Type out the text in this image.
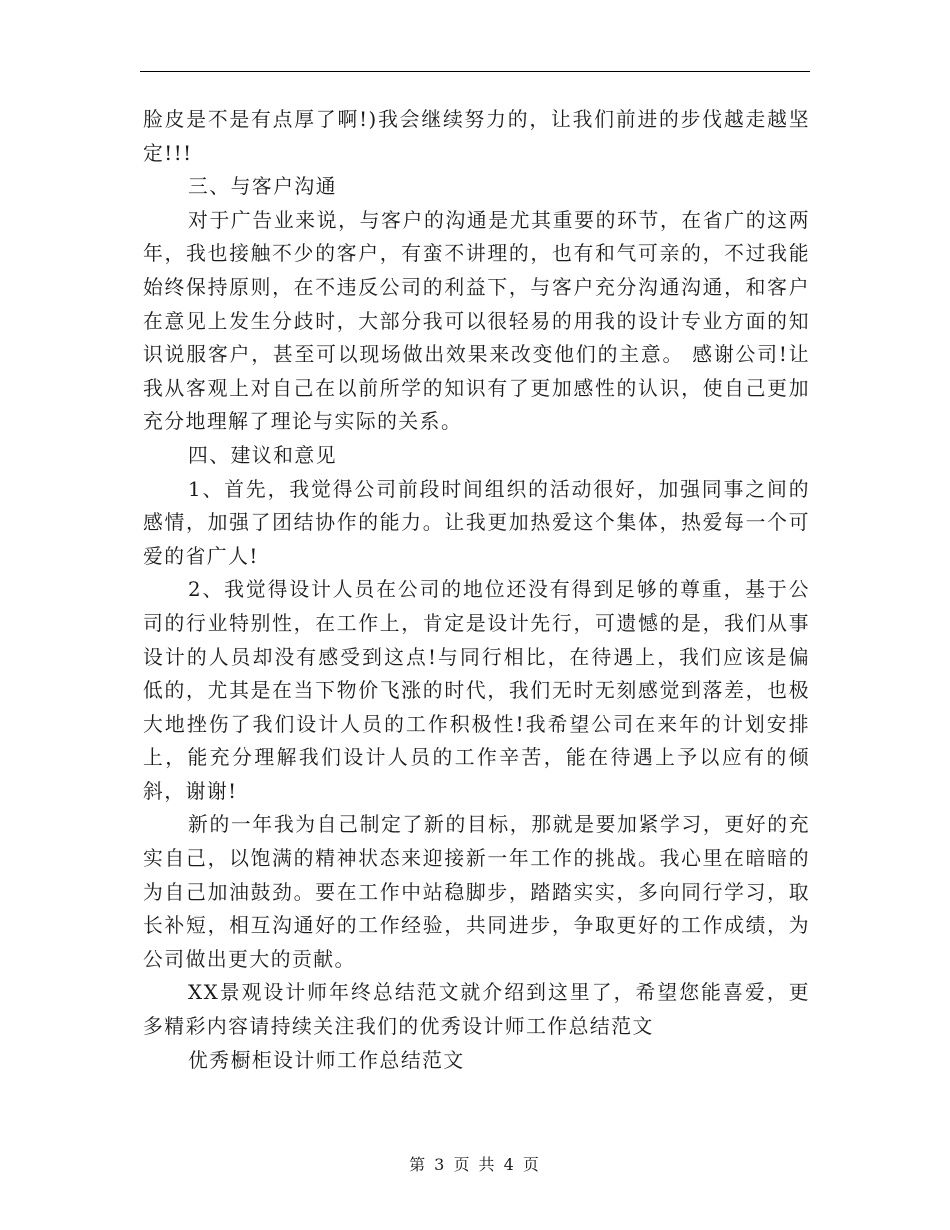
脸皮是不是有点厚了啊!)我会继续努力的，让我们前进的步伐越走越坚定!!!

三、与客户沟通

对于广告业来说，与客户的沟通是尤其重要的环节，在省广的这两年，我也接触不少的客户，有蛮不讲理的，也有和气可亲的，不过我能始终保持原则，在不违反公司的利益下，与客户充分沟通沟通，和客户在意见上发生分歧时，大部分我可以很轻易的用我的设计专业方面的知识说服客户，甚至可以现场做出效果来改变他们的主意。 感谢公司!让我从客观上对自己在以前所学的知识有了更加感性的认识，使自己更加充分地理解了理论与实际的关系。

四、建议和意见

1、首先，我觉得公司前段时间组织的活动很好，加强同事之间的感情，加强了团结协作的能力。让我更加热爱这个集体，热爱每一个可爱的省广人!

2、我觉得设计人员在公司的地位还没有得到足够的尊重，基于公司的行业特别性，在工作上，肯定是设计先行，可遗憾的是，我们从事设计的人员却没有感受到这点!与同行相比，在待遇上，我们应该是偏低的，尤其是在当下物价飞涨的时代，我们无时无刻感觉到落差，也极大地挫伤了我们设计人员的工作积极性!我希望公司在来年的计划安排上，能充分理解我们设计人员的工作辛苦，能在待遇上予以应有的倾斜，谢谢!

新的一年我为自己制定了新的目标，那就是要加紧学习，更好的充实自己，以饱满的精神状态来迎接新一年工作的挑战。我心里在暗暗的为自己加油鼓劲。要在工作中站稳脚步，踏踏实实，多向同行学习，取长补短，相互沟通好的工作经验，共同进步，争取更好的工作成绩，为公司做出更大的贡献。

XX景观设计师年终总结范文就介绍到这里了，希望您能喜爱，更多精彩内容请持续关注我们的优秀设计师工作总结范文

优秀橱柜设计师工作总结范文

第 3 页 共 4 页
